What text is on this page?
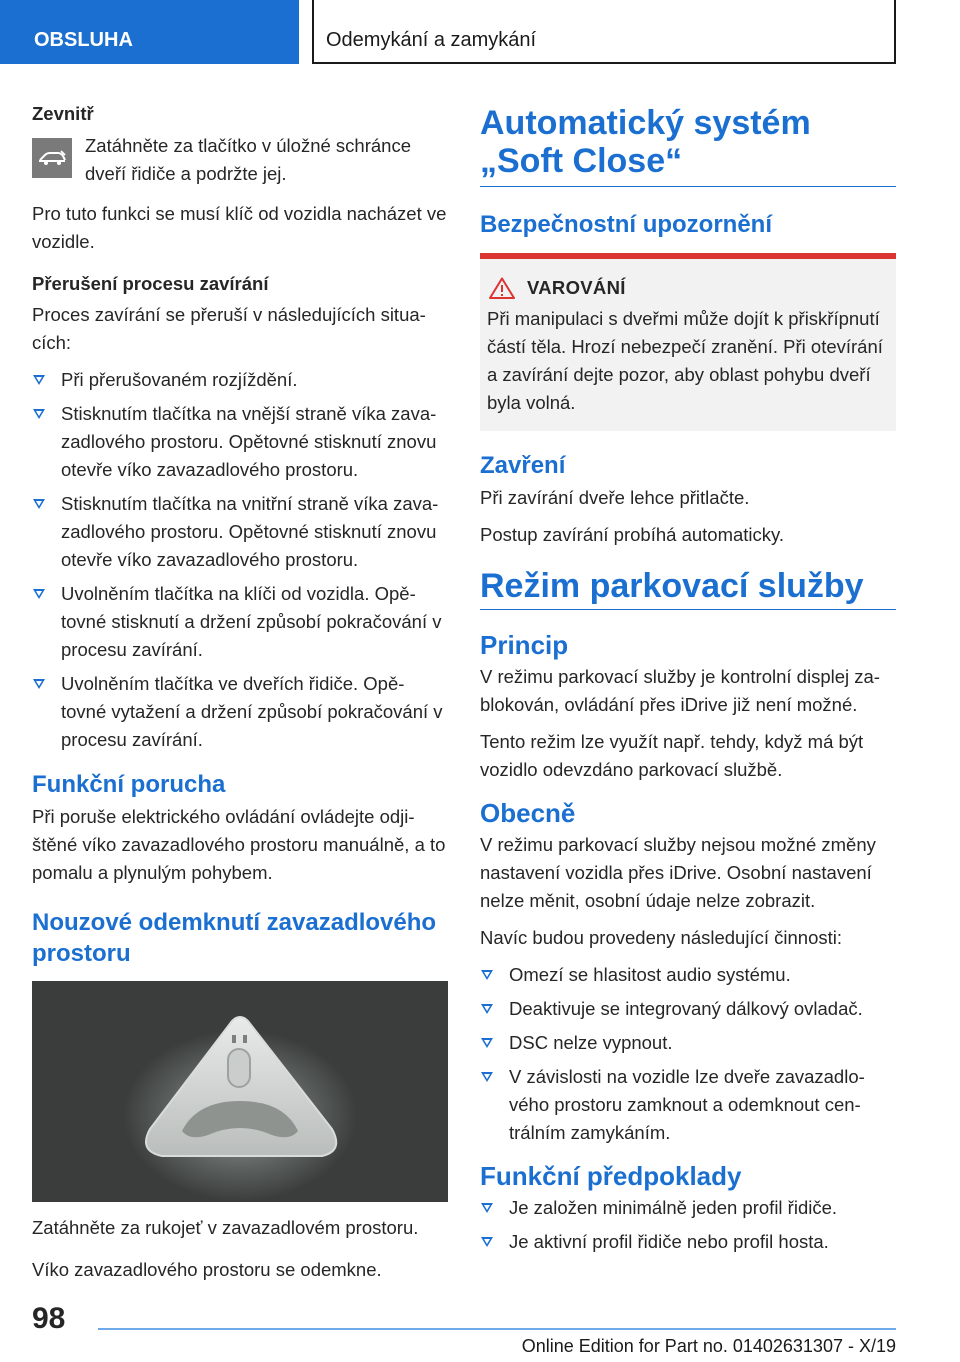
OBSLUHA	Odemykání a zamykání
Zevnitř

Zatáhněte za tlačítko v úložné schránce dveří řidiče a podržte jej.

Pro tuto funkci se musí klíč od vozidla nacházet ve vozidle.

Přerušení procesu zavírání

Proces zavírání se přeruší v následujících situa-cích:

Při přerušovaném rozjíždění.
Stisknutím tlačítka na vnější straně víka zava-zadlového prostoru. Opětovné stisknutí znovu otevře víko zavazadlového prostoru.
Stisknutím tlačítka na vnitřní straně víka zava-zadlového prostoru. Opětovné stisknutí znovu otevře víko zavazadlového prostoru.
Uvolněním tlačítka na klíči od vozidla. Opě-tovné stisknutí a držení způsobí pokračování v procesu zavírání.
Uvolněním tlačítka ve dveřích řidiče. Opě-tovné vytažení a držení způsobí pokračování v procesu zavírání.
Funkční porucha

Při poruše elektrického ovládání ovládejte odji-štěné víko zavazadlového prostoru manuálně, a to pomalu a plynulým pohybem.

Nouzové odemknutí zavazadlového prostoru

Zatáhněte za rukojeť v zavazadlovém prostoru.

Víko zavazadlového prostoru se odemkne.

Automatický systém „Soft Close“
Bezpečnostní upozornění
VAROVÁNÍ

Při manipulaci s dveřmi může dojít k přiskřípnutí částí těla. Hrozí nebezpečí zranění. Při otevírání a zavírání dejte pozor, aby oblast pohybu dveří byla volná.

Zavření

Při zavírání dveře lehce přitlačte.

Postup zavírání probíhá automaticky.

Režim parkovací služby
Princip

V režimu parkovací služby je kontrolní displej za-blokován, ovládání přes iDrive již není možné.

Tento režim lze využít např. tehdy, když má být vozidlo odevzdáno parkovací službě.

Obecně

V režimu parkovací služby nejsou možné změny nastavení vozidla přes iDrive. Osobní nastavení nelze měnit, osobní údaje nelze zobrazit.

Navíc budou provedeny následující činnosti:

Omezí se hlasitost audio systému.
Deaktivuje se integrovaný dálkový ovladač.
DSC nelze vypnout.
V závislosti na vozidle lze dveře zavazadlo-vého prostoru zamknout a odemknout cen-trálním zamykáním.
Funkční předpoklady
Je založen minimálně jeden profil řidiče.
Je aktivní profil řidiče nebo profil hosta.
98
Online Edition for Part no. 01402631307 - X/19
